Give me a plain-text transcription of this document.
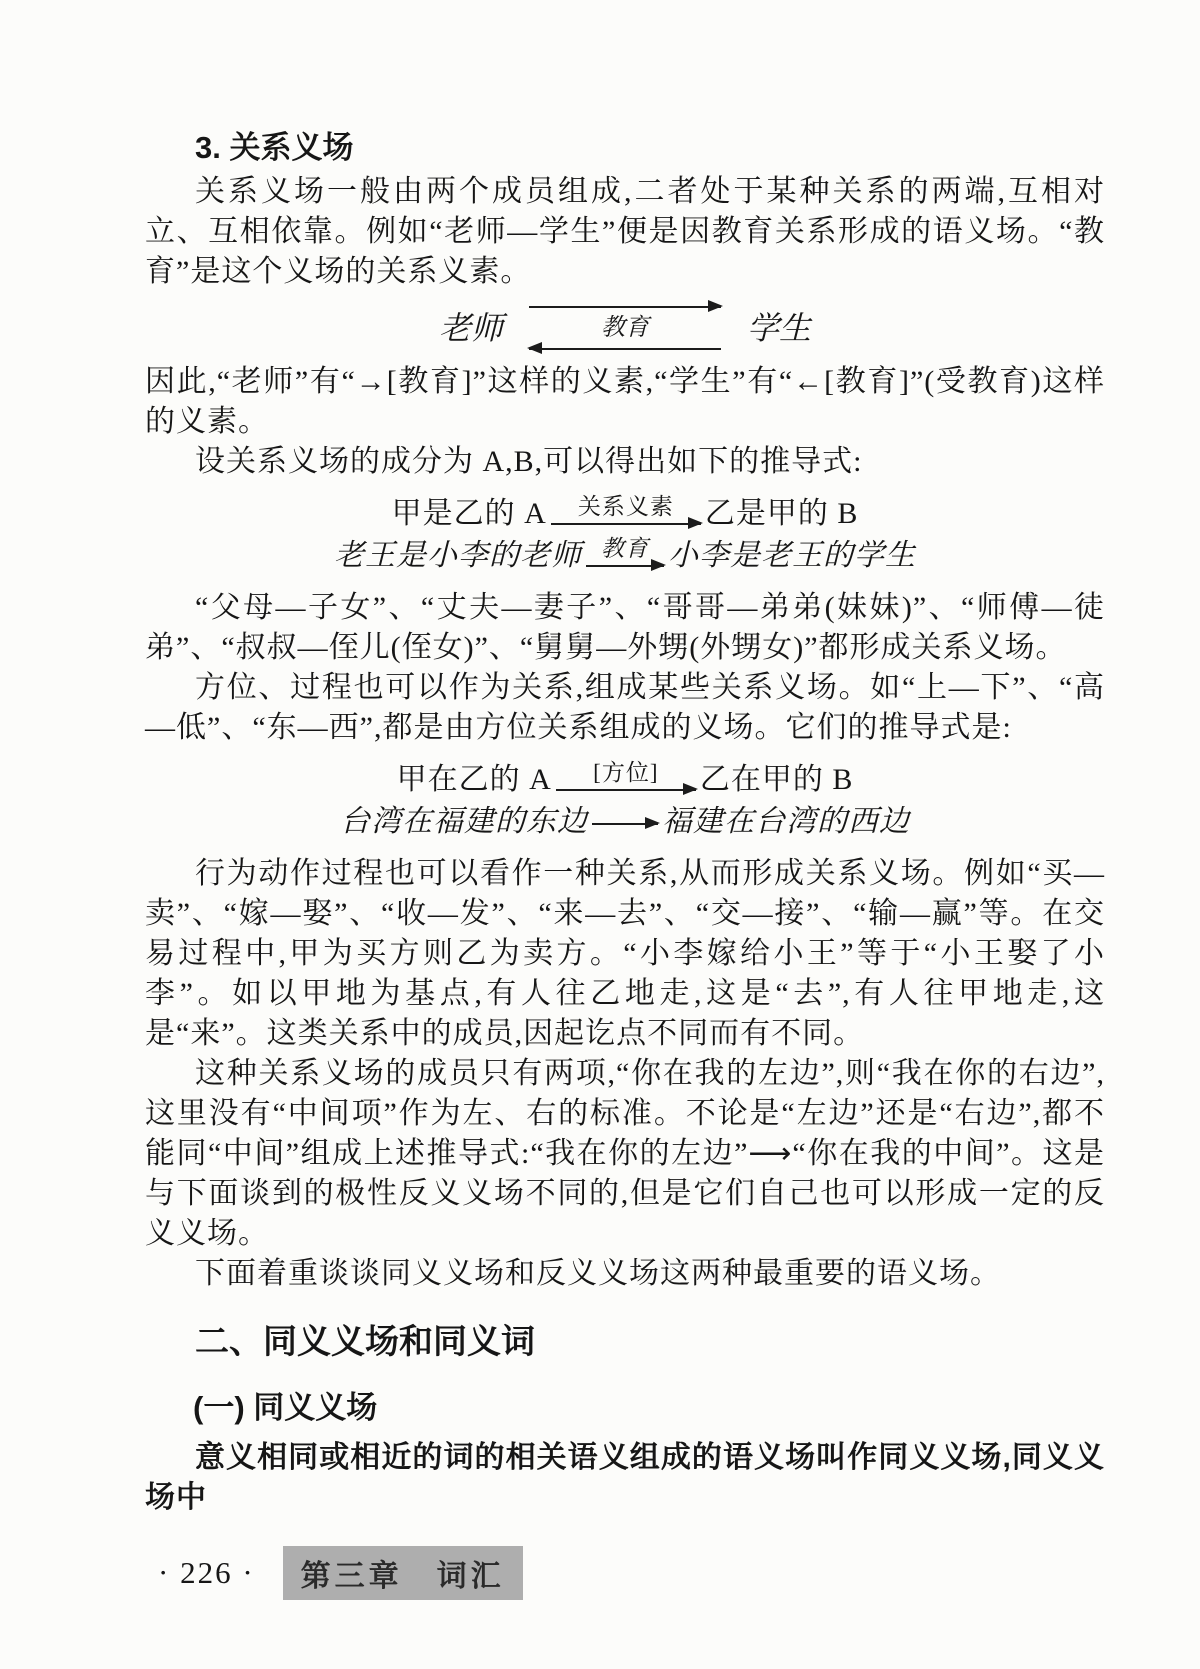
3. 关系义场

关系义场一般由两个成员组成,二者处于某种关系的两端,互相对立、互相依靠。例如“老师—学生”便是因教育关系形成的语义场。“教育”是这个义场的关系义素。

老师	教育	学生

因此,“老师”有“→[教育]”这样的义素,“学生”有“←[教育]”(受教育)这样的义素。

设关系义场的成分为 A,B,可以得出如下的推导式:

甲是乙的 A 关系义素 乙是甲的 B
老王是小李的老师 教育 小李是老王的学生

“父母—子女”、“丈夫—妻子”、“哥哥—弟弟(妹妹)”、“师傅—徒弟”、“叔叔—侄儿(侄女)”、“舅舅—外甥(外甥女)”都形成关系义场。

方位、过程也可以作为关系,组成某些关系义场。如“上—下”、“高—低”、“东—西”,都是由方位关系组成的义场。它们的推导式是:

甲在乙的 A [方位] 乙在甲的 B
台湾在福建的东边 福建在台湾的西边

行为动作过程也可以看作一种关系,从而形成关系义场。例如“买—卖”、“嫁—娶”、“收—发”、“来—去”、“交—接”、“输—赢”等。在交易过程中,甲为买方则乙为卖方。“小李嫁给小王”等于“小王娶了小李”。如以甲地为基点,有人往乙地走,这是“去”,有人往甲地走,这是“来”。这类关系中的成员,因起讫点不同而有不同。

这种关系义场的成员只有两项,“你在我的左边”,则“我在你的右边”,这里没有“中间项”作为左、右的标准。不论是“左边”还是“右边”,都不能同“中间”组成上述推导式:“我在你的左边”⟶“你在我的中间”。这是与下面谈到的极性反义义场不同的,但是它们自己也可以形成一定的反义义场。

下面着重谈谈同义义场和反义义场这两种最重要的语义场。

二、同义义场和同义词
(一) 同义义场

意义相同或相近的词的相关语义组成的语义场叫作同义义场,同义义场中

· 226 ·	第三章　词汇
